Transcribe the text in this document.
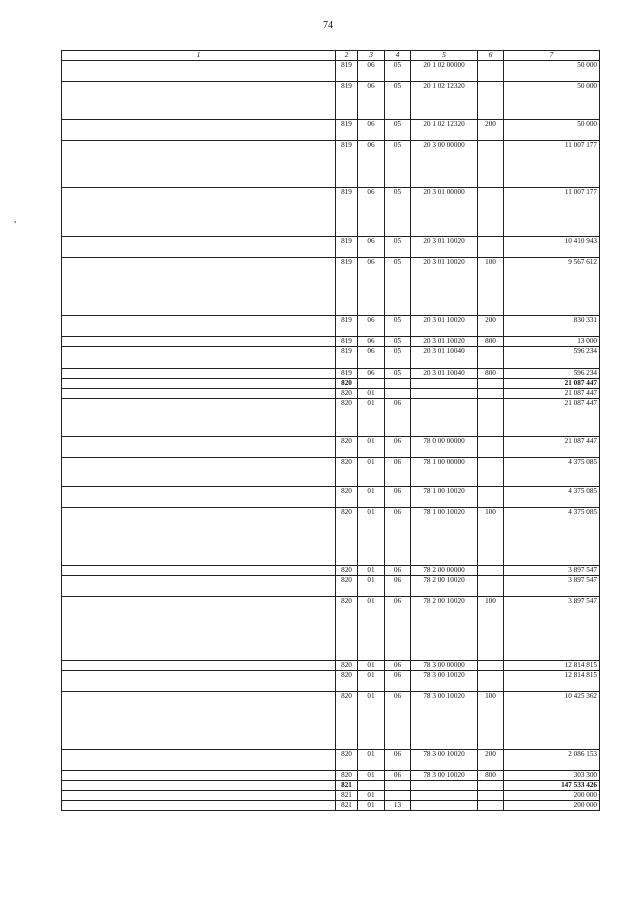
74
,
1	2	3	4	5	6	7
	819	06	05	20 1 02 00000		50 000
	819	06	05	20 1 02 12320		50 000
	819	06	05	20 1 02 12320	200	50 000
	819	06	05	20 3 00 00000		11 007 177
	819	06	05	20 3 01 00000		11 007 177
	819	06	05	20 3 01 10020		10 410 943
	819	06	05	20 3 01 10020	100	9 567 612
	819	06	05	20 3 01 10020	200	830 331
	819	06	05	20 3 01 10020	800	13 000
	819	06	05	20 3 01 10040		596 234
	819	06	05	20 3 01 10040	800	596 234
	820					21 087 447
	820	01				21 087 447
	820	01	06			21 087 447
	820	01	06	78 0 00 00000		21 087 447
	820	01	06	78 1 00 00000		4 375 085
	820	01	06	78 1 00 10020		4 375 085
	820	01	06	78 1 00 10020	100	4 375 085
	820	01	06	78 2 00 00000		3 897 547
	820	01	06	78 2 00 10020		3 897 547
	820	01	06	78 2 00 10020	100	3 897 547
	820	01	06	78 3 00 00000		12 814 815
	820	01	06	78 3 00 10020		12 814 815
	820	01	06	78 3 00 10020	100	10 425 362
	820	01	06	78 3 00 10020	200	2 086 153
	820	01	06	78 3 00 10020	800	303 300
	821					147 533 426
	821	01				200 000
	821	01	13			200 000
